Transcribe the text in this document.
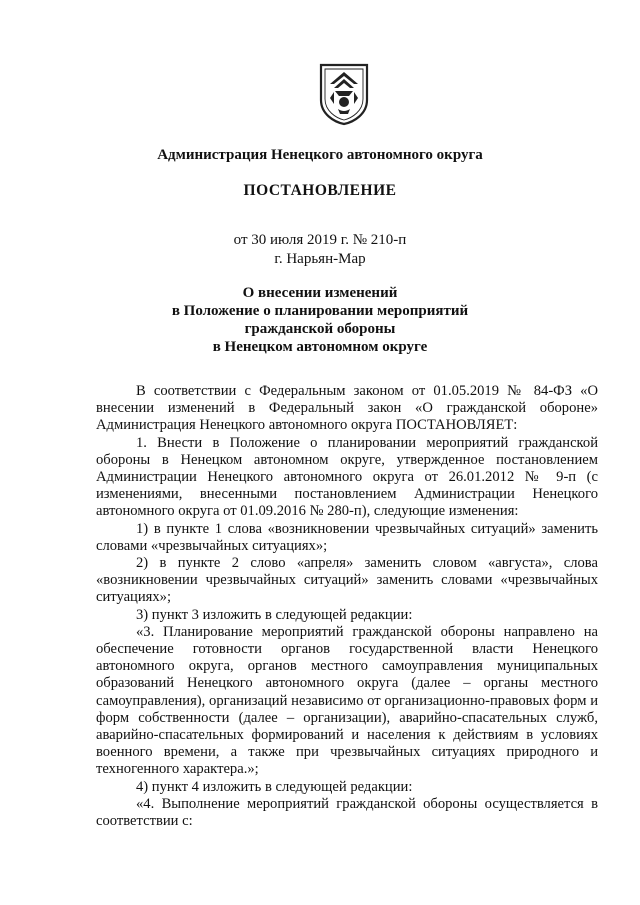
Администрация Ненецкого автономного округа
ПОСТАНОВЛЕНИЕ
от 30 июля 2019 г. № 210-п
г. Нарьян-Мар
О внесении изменений
в Положение о планировании мероприятий
гражданской обороны
в Ненецком автономном округе

В соответствии с Федеральным законом от 01.05.2019 № 84-ФЗ «О внесении изменений в Федеральный закон «О гражданской обороне» Администрация Ненецкого автономного округа ПОСТАНОВЛЯЕТ:

1. Внести в Положение о планировании мероприятий гражданской обороны в Ненецком автономном округе, утвержденное постановлением Администрации Ненецкого автономного округа от 26.01.2012 № 9-п (с изменениями, внесенными постановлением Администрации Ненецкого автономного округа от 01.09.2016 № 280-п), следующие изменения:

1) в пункте 1 слова «возникновении чрезвычайных ситуаций» заменить словами «чрезвычайных ситуациях»;

2) в пункте 2 слово «апреля» заменить словом «августа», слова «возникновении чрезвычайных ситуаций» заменить словами «чрезвычайных ситуациях»;

3) пункт 3 изложить в следующей редакции:

«3. Планирование мероприятий гражданской обороны направлено на обеспечение готовности органов государственной власти Ненецкого автономного округа, органов местного самоуправления муниципальных образований Ненецкого автономного округа (далее – органы местного самоуправления), организаций независимо от организационно-правовых форм и форм собственности (далее – организации), аварийно-спасательных служб, аварийно-спасательных формирований и населения к действиям в условиях военного времени, а также при чрезвычайных ситуациях природного и техногенного характера.»;

4) пункт 4 изложить в следующей редакции:

«4. Выполнение мероприятий гражданской обороны осуществляется в соответствии с:
